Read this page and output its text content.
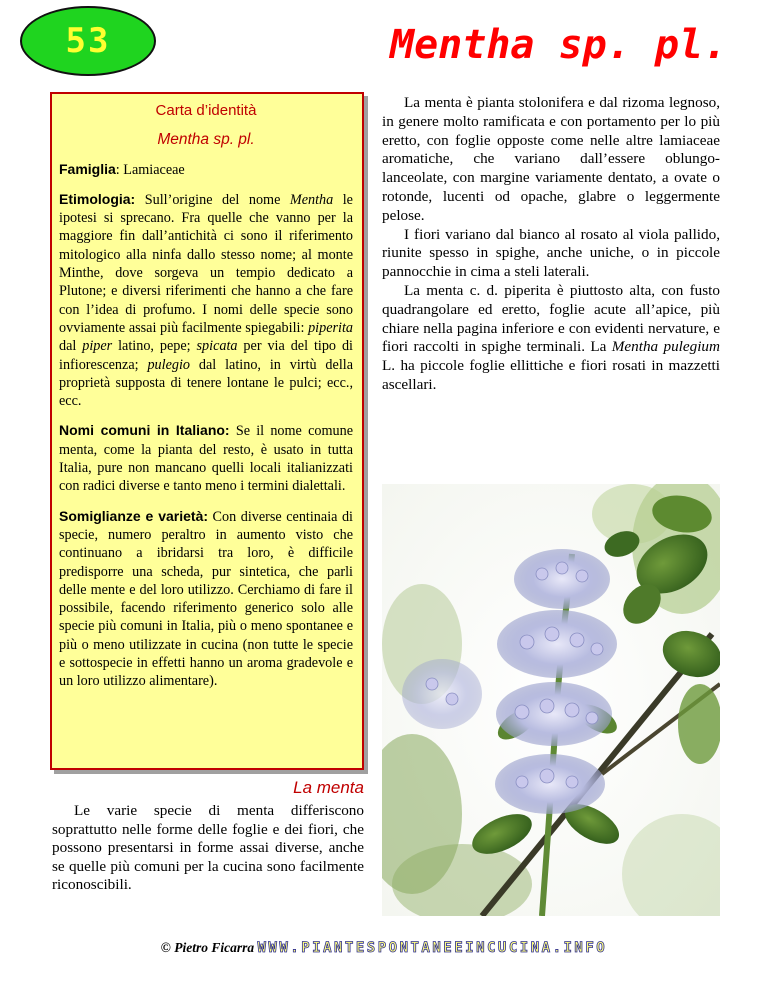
53	Mentha sp. pl.
Carta d’identità
Mentha sp. pl.

Famiglia: Lamiaceae

Etimologia: Sull’origine del nome Mentha le ipotesi si sprecano. Fra quelle che vanno per la maggiore fin dall’antichità ci sono il riferimento mitologico alla ninfa dallo stesso nome; al monte Minthe, dove sorgeva un tempio dedicato a Plutone; e diversi riferimenti che hanno a che fare con l’idea di profumo. I nomi delle specie sono ovviamente assai più facilmente spiegabili: piperita dal piper latino, pepe; spicata per via del tipo di infiorescenza; pulegio dal latino, in virtù della proprietà supposta di tenere lontane le pulci; ecc., ecc.

Nomi comuni in Italiano: Se il nome comune menta, come la pianta del resto, è usato in tutta Italia, pure non mancano quelli locali italianizzati con radici diverse e tanto meno i termini dialettali.

Somiglianze e varietà: Con diverse centinaia di specie, numero peraltro in aumento visto che continuano a ibridarsi tra loro, è difficile predisporre una scheda, pur sintetica, che parli delle mente e del loro utilizzo. Cerchiamo di fare il possibile, facendo riferimento generico solo alle specie più comuni in Italia, più o meno spontanee e più o meno utilizzate in cucina (non tutte le specie e sottospecie in effetti hanno un aroma gradevole e un loro utilizzo alimentare).

La menta

Le varie specie di menta differiscono soprattutto nelle forme delle foglie e dei fiori, che possono presentarsi in forme assai diverse, anche se quelle più comuni per la cucina sono facilmente riconoscibili.

La menta è pianta stolonifera e dal rizoma legnoso, in genere molto ramificata e con portamento per lo più eretto, con foglie opposte come nelle altre lamiaceae aromatiche, che variano dall’essere oblungo-lanceolate, con margine variamente dentato, a ovate o rotonde, lucenti od opache, glabre o leggermente pelose.

I fiori variano dal bianco al rosato al viola pallido, riunite spesso in spighe, anche uniche, o in piccole pannocchie in cima a steli laterali.

La menta c. d. piperita è piuttosto alta, con fusto quadrangolare ed eretto, foglie acute all’apice, più chiare nella pagina inferiore e con evidenti nervature, e fiori raccolti in spighe terminali. La Mentha pulegium L. ha piccole foglie ellittiche e fiori rosati in mazzetti ascellari.

© Pietro Ficarra WWW.PIANTESPONTANEEINCUCINA.INFO
